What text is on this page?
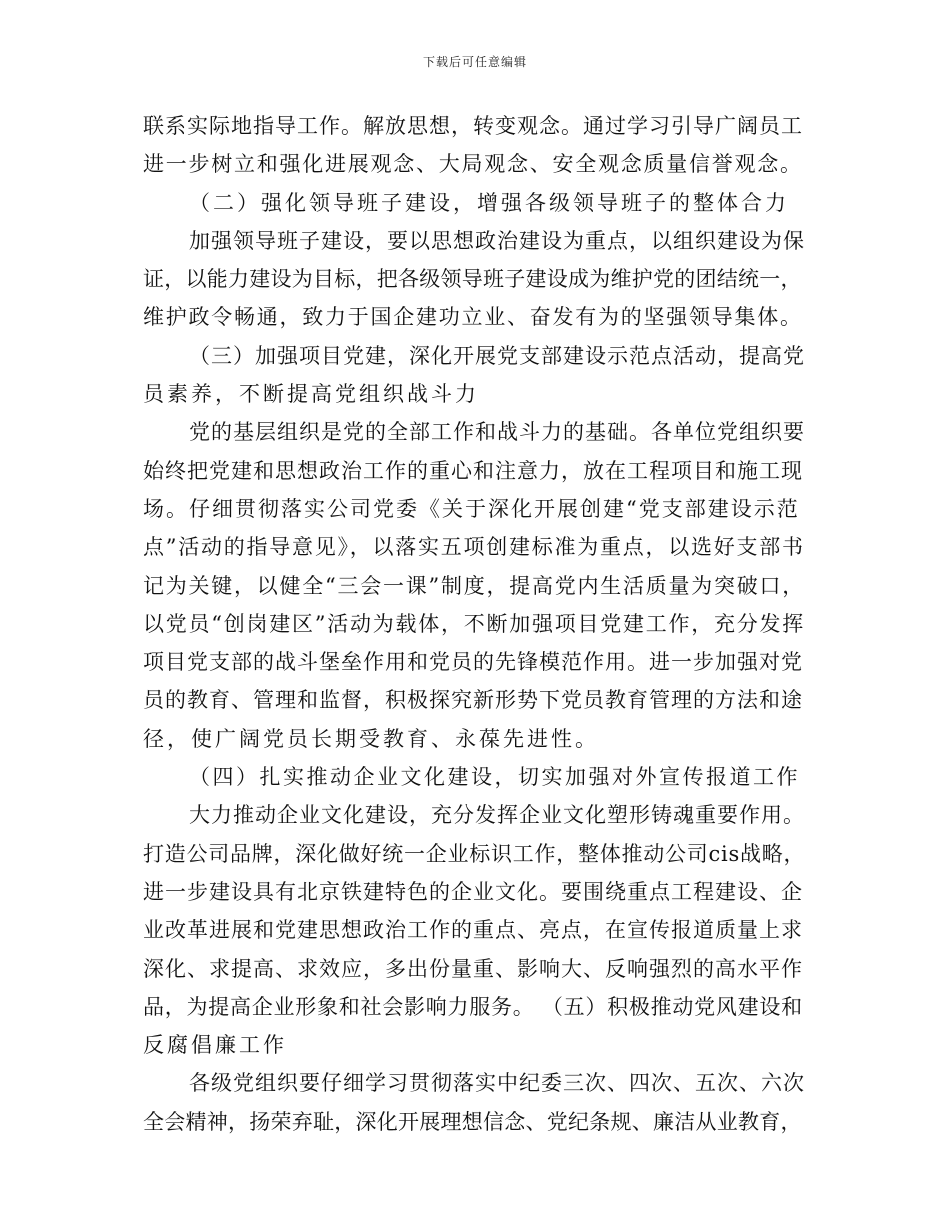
下载后可任意编辑
联系实际地指导工作。解放思想，转变观念。通过学习引导广阔员工
进一步树立和强化进展观念、大局观念、安全观念质量信誉观念。
（二）强化领导班子建设，增强各级领导班子的整体合力
加强领导班子建设，要以思想政治建设为重点，以组织建设为保
证，以能力建设为目标，把各级领导班子建设成为维护党的团结统一，
维护政令畅通，致力于国企建功立业、奋发有为的坚强领导集体。
（三）加强项目党建，深化开展党支部建设示范点活动，提高党
员素养，不断提高党组织战斗力
党的基层组织是党的全部工作和战斗力的基础。各单位党组织要
始终把党建和思想政治工作的重心和注意力，放在工程项目和施工现
场。仔细贯彻落实公司党委《关于深化开展创建“党支部建设示范
点”活动的指导意见》，以落实五项创建标准为重点，以选好支部书
记为关键，以健全“三会一课”制度，提高党内生活质量为突破口，
以党员“创岗建区”活动为载体，不断加强项目党建工作，充分发挥
项目党支部的战斗堡垒作用和党员的先锋模范作用。进一步加强对党
员的教育、管理和监督，积极探究新形势下党员教育管理的方法和途
径，使广阔党员长期受教育、永葆先进性。
（四）扎实推动企业文化建设，切实加强对外宣传报道工作
大力推动企业文化建设，充分发挥企业文化塑形铸魂重要作用。
打造公司品牌，深化做好统一企业标识工作，整体推动公司cis战略，
进一步建设具有北京铁建特色的企业文化。要围绕重点工程建设、企
业改革进展和党建思想政治工作的重点、亮点，在宣传报道质量上求
深化、求提高、求效应，多出份量重、影响大、反响强烈的高水平作
品，为提高企业形象和社会影响力服务。 （五）积极推动党风建设和
反腐倡廉工作
各级党组织要仔细学习贯彻落实中纪委三次、四次、五次、六次
全会精神，扬荣弃耻，深化开展理想信念、党纪条规、廉洁从业教育，
